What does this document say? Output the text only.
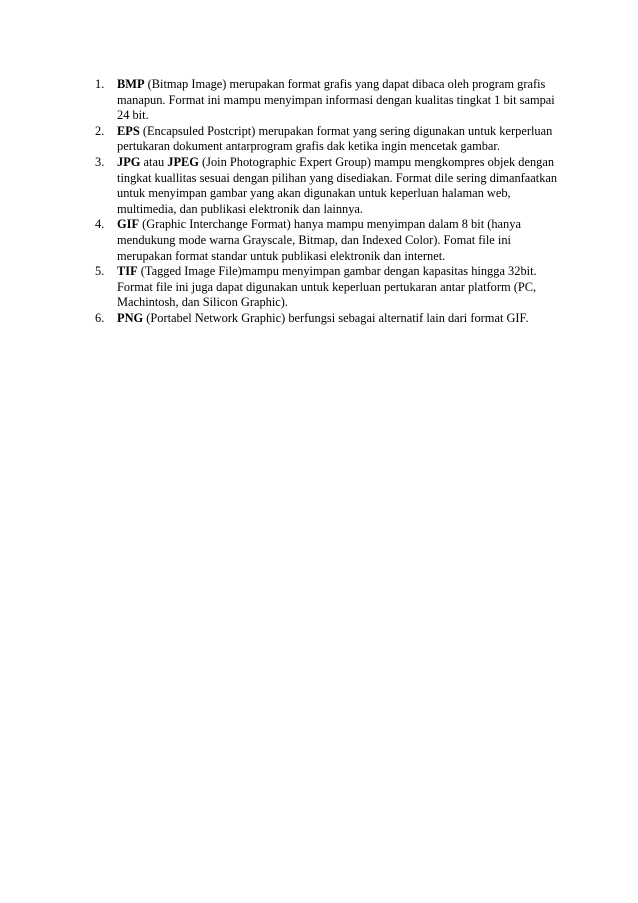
1. BMP (Bitmap Image) merupakan format grafis yang dapat dibaca oleh program grafis manapun. Format ini mampu menyimpan informasi dengan kualitas tingkat 1 bit sampai 24 bit.
2. EPS (Encapsuled Postcript) merupakan format yang sering digunakan untuk kerperluan pertukaran dokument antarprogram grafis dak ketika ingin mencetak gambar.
3. JPG atau JPEG (Join Photographic Expert Group) mampu mengkompres objek dengan tingkat kuallitas sesuai dengan pilihan yang disediakan. Format dile sering dimanfaatkan untuk menyimpan gambar yang akan digunakan untuk keperluan halaman web, multimedia, dan publikasi elektronik dan lainnya.
4. GIF (Graphic Interchange Format) hanya mampu menyimpan dalam 8 bit (hanya mendukung mode warna Grayscale, Bitmap, dan Indexed Color). Fomat file ini merupakan format standar untuk publikasi elektronik dan internet.
5. TIF (Tagged Image File)mampu menyimpan gambar dengan kapasitas hingga 32bit. Format file ini juga dapat digunakan untuk keperluan pertukaran antar platform (PC, Machintosh, dan Silicon Graphic).
6. PNG (Portabel Network Graphic) berfungsi sebagai alternatif lain dari format GIF.
